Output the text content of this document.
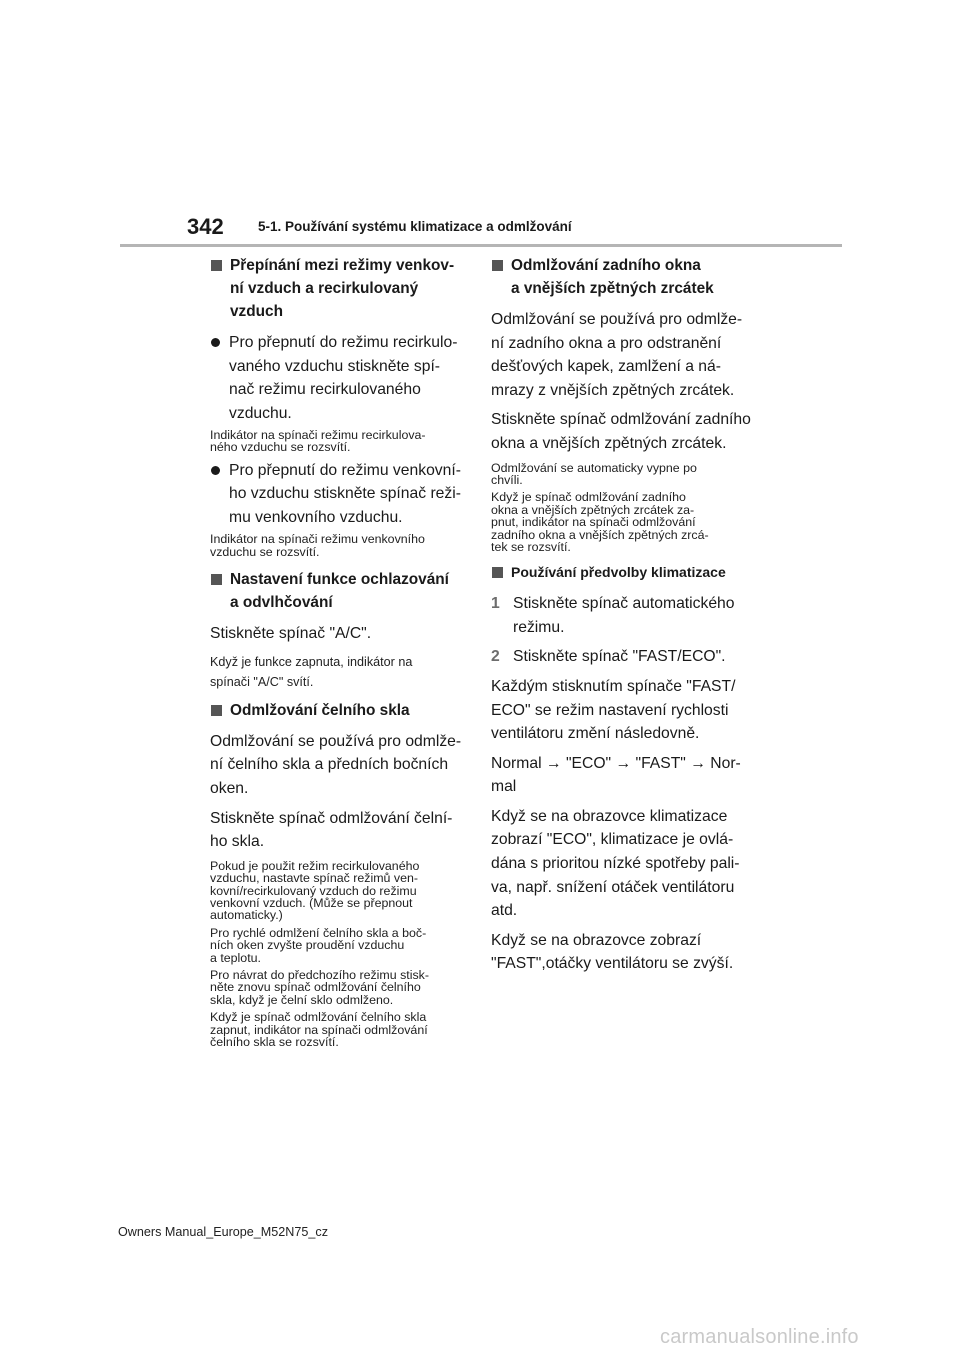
342	5-1. Používání systému klimatizace a odmlžování
Přepínání mezi režimy venkov-
ní vzduch a recirkulovaný
vzduch
Pro přepnutí do režimu recirkulo-
vaného vzduchu stiskněte spí-
nač režimu recirkulovaného
vzduchu.
Indikátor na spínači režimu recirkulova-
ného vzduchu se rozsvítí.
Pro přepnutí do režimu venkovní-
ho vzduchu stiskněte spínač reži-
mu venkovního vzduchu.
Indikátor na spínači režimu venkovního
vzduchu se rozsvítí.
Nastavení funkce ochlazování
a odvlhčování
Stiskněte spínač "A/C".
Když je funkce zapnuta, indikátor na
spínači "A/C" svítí.
Odmlžování čelního skla
Odmlžování se používá pro odmlže-
ní čelního skla a předních bočních
oken.
Stiskněte spínač odmlžování čelní-
ho skla.
Pokud je použit režim recirkulovaného
vzduchu, nastavte spínač režimů ven-
kovní/recirkulovaný vzduch do režimu
venkovní vzduch. (Může se přepnout
automaticky.)
Pro rychlé odmlžení čelního skla a boč-
ních oken zvyšte proudění vzduchu
a teplotu.
Pro návrat do předchozího režimu stisk-
něte znovu spínač odmlžování čelního
skla, když je čelní sklo odmlženo.
Když je spínač odmlžování čelního skla
zapnut, indikátor na spínači odmlžování
čelního skla se rozsvítí.
Odmlžování zadního okna
a vnějších zpětných zrcátek
Odmlžování se používá pro odmlže-
ní zadního okna a pro odstranění
dešťových kapek, zamlžení a ná-
mrazy z vnějších zpětných zrcátek.
Stiskněte spínač odmlžování zadního
okna a vnějších zpětných zrcátek.
Odmlžování se automaticky vypne po
chvíli.
Když je spínač odmlžování zadního
okna a vnějších zpětných zrcátek za-
pnut, indikátor na spínači odmlžování
zadního okna a vnějších zpětných zrcá-
tek se rozsvítí.
Používání předvolby klimatizace
1 Stiskněte spínač automatického
režimu.
2 Stiskněte spínač "FAST/ECO".
Každým stisknutím spínače "FAST/
ECO" se režim nastavení rychlosti
ventilátoru změní následovně.
Normal → "ECO" → "FAST" → Nor-
mal
Když se na obrazovce klimatizace
zobrazí "ECO", klimatizace je ovlá-
dána s prioritou nízké spotřeby pali-
va, např. snížení otáček ventilátoru
atd.
Když se na obrazovce zobrazí
"FAST",otáčky ventilátoru se zvýší.
Owners Manual_Europe_M52N75_cz
carmanualsonline.info
